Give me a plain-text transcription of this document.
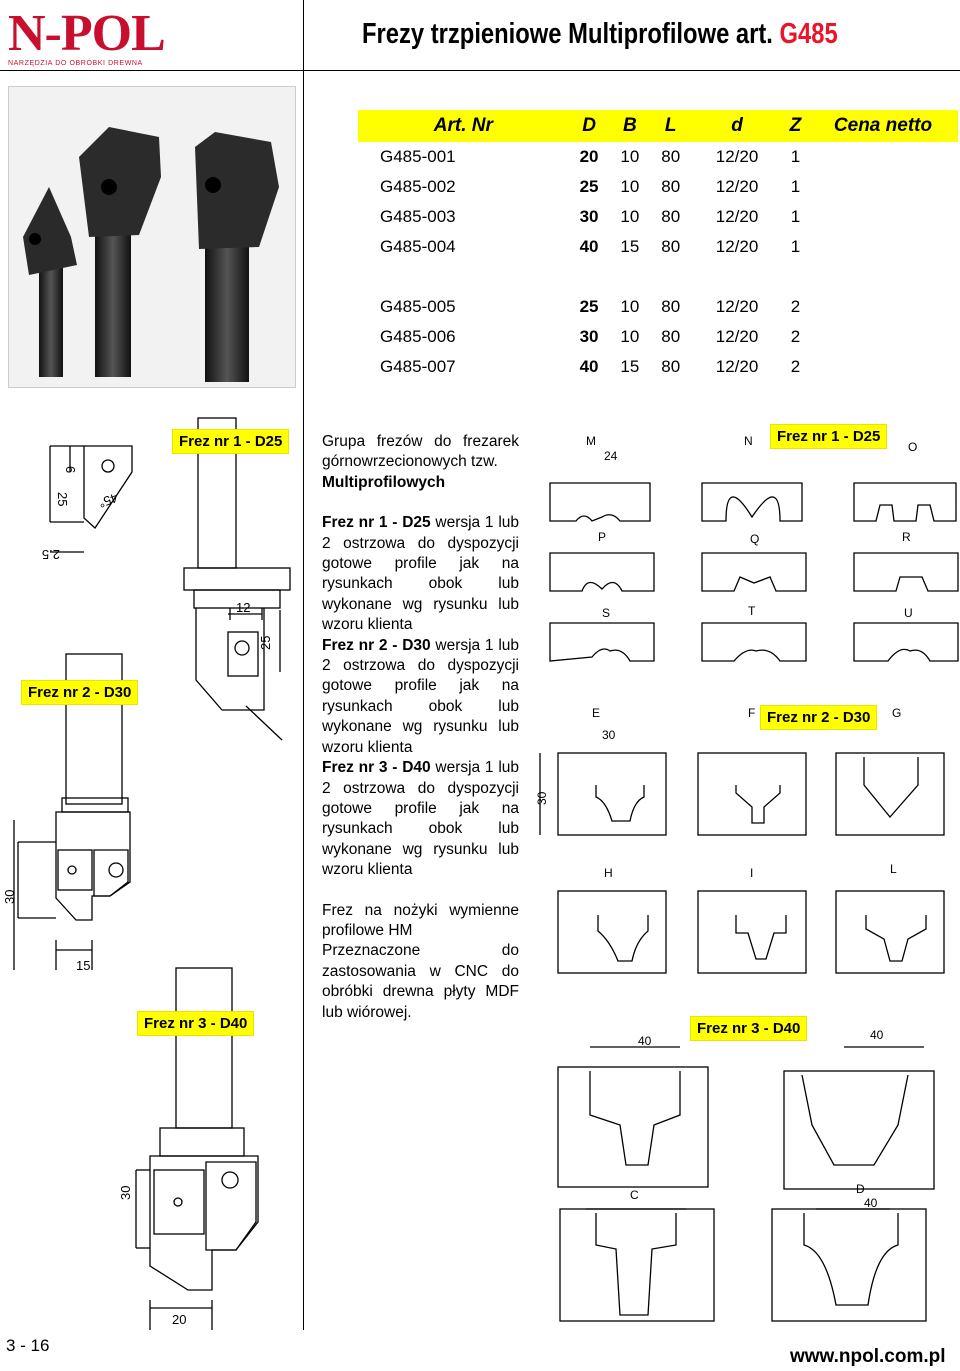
N-POL
NARZĘDZIA DO OBRÓBKI DREWNA
Frezy trzpieniowe Multiprofilowe art. G485
Art. Nr	D	B	L	d	Z	Cena netto
G485-001	20	10	80	12/20	1	
G485-002	25	10	80	12/20	1	
G485-003	30	10	80	12/20	1	
G485-004	40	15	80	12/20	1	

G485-005	25	10	80	12/20	2	
G485-006	30	10	80	12/20	2	
G485-007	40	15	80	12/20	2	
6
25
2.5
45°
12
25
30
15
30
20
Frez nr 1 - D25
Frez nr 2 - D30
Frez nr 3 - D40

Grupa frezów do frezarek górnowrzecionowych tzw.
Multiprofilowych

Frez nr 1 - D25 wersja 1 lub 2 ostrzowa do dyspozycji gotowe profile jak na rysunkach obok lub wykonane wg rysunku lub wzoru klienta

Frez nr 2 - D30 wersja 1 lub 2 ostrzowa do dyspozycji gotowe profile jak na rysunkach obok lub wykonane wg rysunku lub wzoru klienta

Frez nr 3 - D40 wersja 1 lub 2 ostrzowa do dyspozycji gotowe profile jak na rysunkach obok lub wykonane wg rysunku lub wzoru klienta

Frez na nożyki wymienne profilowe HM

Przeznaczone do zastosowania w CNC do obróbki drewna płyty MDF lub wiórowej.

M
24
N	O
P	Q	R
S	T	U
E
30
F	G
30
H	I	L
40	40
C	D
40
Frez nr 1 - D25
Frez nr 2 - D30
Frez nr 3 - D40
3 - 16
www.npol.com.pl
